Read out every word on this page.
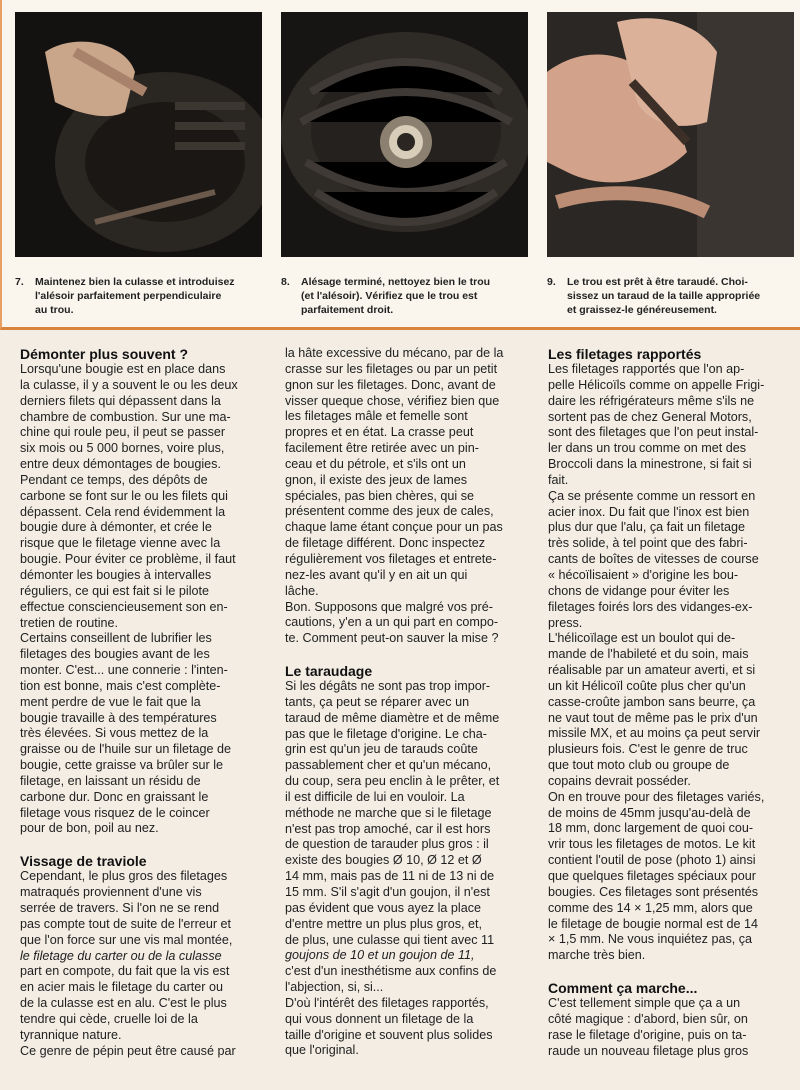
7. Maintenez bien la culasse et introduisez
l'alésoir parfaitement perpendiculaire
au trou.
8. Alésage terminé, nettoyez bien le trou
(et l'alésoir). Vérifiez que le trou est
parfaitement droit.
9. Le trou est prêt à être taraudé. Choi-
sissez un taraud de la taille appropriée
et graissez-le généreusement.
Démonter plus souvent ?

Lorsqu'une bougie est en place dans
la culasse, il y a souvent le ou les deux
derniers filets qui dépassent dans la
chambre de combustion. Sur une ma-
chine qui roule peu, il peut se passer
six mois ou 5 000 bornes, voire plus,
entre deux démontages de bougies.
Pendant ce temps, des dépôts de
carbone se font sur le ou les filets qui
dépassent. Cela rend évidemment la
bougie dure à démonter, et crée le
risque que le filetage vienne avec la
bougie. Pour éviter ce problème, il faut
démonter les bougies à intervalles
réguliers, ce qui est fait si le pilote
effectue consciencieusement son en-
tretien de routine.

Certains conseillent de lubrifier les
filetages des bougies avant de les
monter. C'est... une connerie : l'inten-
tion est bonne, mais c'est complète-
ment perdre de vue le fait que la
bougie travaille à des températures
très élevées. Si vous mettez de la
graisse ou de l'huile sur un filetage de
bougie, cette graisse va brûler sur le
filetage, en laissant un résidu de
carbone dur. Donc en graissant le
filetage vous risquez de le coincer
pour de bon, poil au nez.

Vissage de traviole

Cependant, le plus gros des filetages
matraqués proviennent d'une vis
serrée de travers. Si l'on ne se rend
pas compte tout de suite de l'erreur et
que l'on force sur une vis mal montée,
le filetage du carter ou de la culasse
part en compote, du fait que la vis est
en acier mais le filetage du carter ou
de la culasse est en alu. C'est le plus
tendre qui cède, cruelle loi de la
tyrannique nature.

Ce genre de pépin peut être causé par

la hâte excessive du mécano, par de la
crasse sur les filetages ou par un petit
gnon sur les filetages. Donc, avant de
visser queque chose, vérifiez bien que
les filetages mâle et femelle sont
propres et en état. La crasse peut
facilement être retirée avec un pin-
ceau et du pétrole, et s'ils ont un
gnon, il existe des jeux de lames
spéciales, pas bien chères, qui se
présentent comme des jeux de cales,
chaque lame étant conçue pour un pas
de filetage différent. Donc inspectez
régulièrement vos filetages et entrete-
nez-les avant qu'il y en ait un qui
lâche.

Bon. Supposons que malgré vos pré-
cautions, y'en a un qui part en compo-
te. Comment peut-on sauver la mise ?

Le taraudage

Si les dégâts ne sont pas trop impor-
tants, ça peut se réparer avec un
taraud de même diamètre et de même
pas que le filetage d'origine. Le cha-
grin est qu'un jeu de tarauds coûte
passablement cher et qu'un mécano,
du coup, sera peu enclin à le prêter, et
il est difficile de lui en vouloir. La
méthode ne marche que si le filetage
n'est pas trop amoché, car il est hors
de question de tarauder plus gros : il
existe des bougies Ø 10, Ø 12 et Ø
14 mm, mais pas de 11 ni de 13 ni de
15 mm. S'il s'agit d'un goujon, il n'est
pas évident que vous ayez la place
d'entre mettre un plus plus gros, et,
de plus, une culasse qui tient avec 11
goujons de 10 et un goujon de 11,
c'est d'un inesthétisme aux confins de
l'abjection, si, si...

D'où l'intérêt des filetages rapportés,
qui vous donnent un filetage de la
taille d'origine et souvent plus solides
que l'original.

Les filetages rapportés

Les filetages rapportés que l'on ap-
pelle Hélicoïls comme on appelle Frigi-
daire les réfrigérateurs même s'ils ne
sortent pas de chez General Motors,
sont des filetages que l'on peut instal-
ler dans un trou comme on met des
Broccoli dans la minestrone, si fait si
fait.

Ça se présente comme un ressort en
acier inox. Du fait que l'inox est bien
plus dur que l'alu, ça fait un filetage
très solide, à tel point que des fabri-
cants de boîtes de vitesses de course
« hécoïlisaient » d'origine les bou-
chons de vidange pour éviter les
filetages foirés lors des vidanges-ex-
press.

L'hélicoïlage est un boulot qui de-
mande de l'habileté et du soin, mais
réalisable par un amateur averti, et si
un kit Hélicoïl coûte plus cher qu'un
casse-croûte jambon sans beurre, ça
ne vaut tout de même pas le prix d'un
missile MX, et au moins ça peut servir
plusieurs fois. C'est le genre de truc
que tout moto club ou groupe de
copains devrait posséder.

On en trouve pour des filetages variés,
de moins de 45mm jusqu'au-delà de
18 mm, donc largement de quoi cou-
vrir tous les filetages de motos. Le kit
contient l'outil de pose (photo 1) ainsi
que quelques filetages spéciaux pour
bougies. Ces filetages sont présentés
comme des 14 × 1,25 mm, alors que
le filetage de bougie normal est de 14
× 1,5 mm. Ne vous inquiétez pas, ça
marche très bien.

Comment ça marche...

C'est tellement simple que ça a un
côté magique : d'abord, bien sûr, on
rase le filetage d'origine, puis on ta-
raude un nouveau filetage plus gros
